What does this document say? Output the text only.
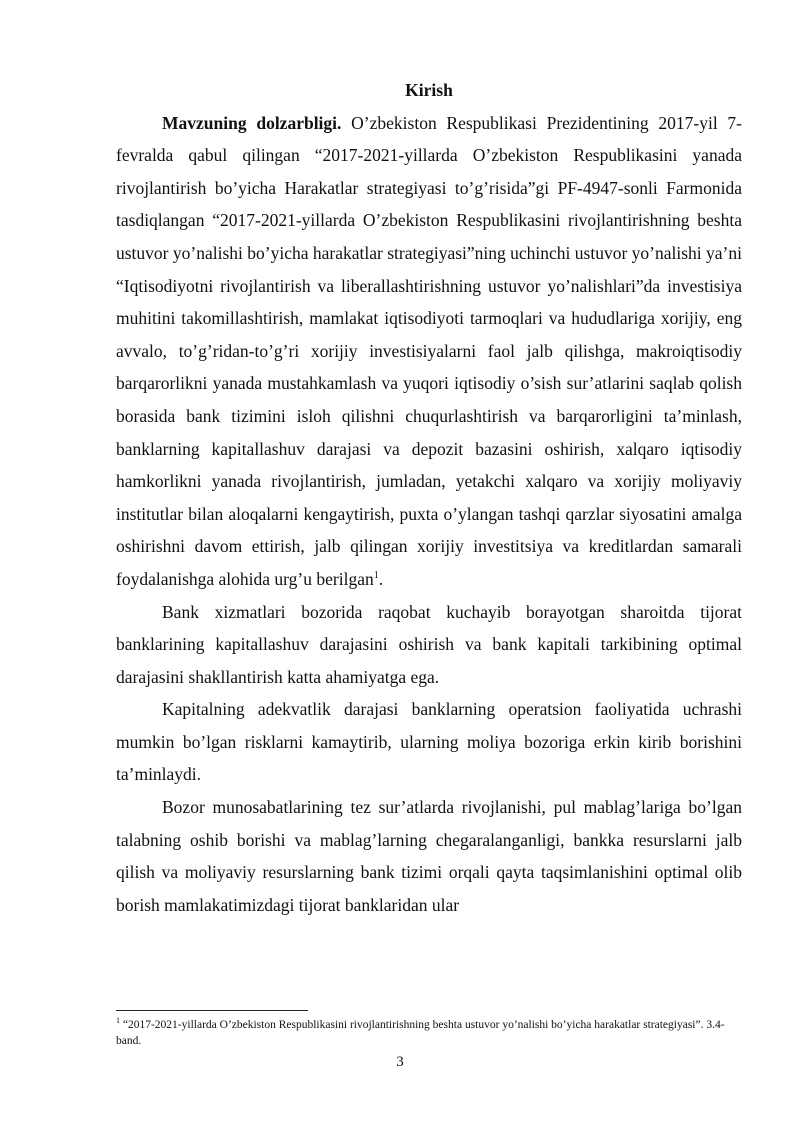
Kirish

Mavzuning dolzarbligi. O’zbekiston Respublikasi Prezidentining 2017-yil 7-fevralda qabul qilingan “2017-2021-yillarda O’zbekiston Respublikasini yanada rivojlantirish bo’yicha Harakatlar strategiyasi to’g’risida”gi PF-4947-sonli Farmonida tasdiqlangan “2017-2021-yillarda O’zbekiston Respublikasini rivojlantirishning beshta ustuvor yo’nalishi bo’yicha harakatlar strategiyasi”ning uchinchi ustuvor yo’nalishi ya’ni “Iqtisodiyotni rivojlantirish va liberallashtirishning ustuvor yo’nalishlari”da investisiya muhitini takomillashtirish, mamlakat iqtisodiyoti tarmoqlari va hududlariga xorijiy, eng avvalo, to’g’ridan-to’g’ri xorijiy investisiyalarni faol jalb qilishga, makroiqtisodiy barqarorlikni yanada mustahkamlash va yuqori iqtisodiy o’sish sur’atlarini saqlab qolish borasida bank tizimini isloh qilishni chuqurlashtirish va barqarorligini ta’minlash, banklarning kapitallashuv darajasi va depozit bazasini oshirish, xalqaro iqtisodiy hamkorlikni yanada rivojlantirish, jumladan, yetakchi xalqaro va xorijiy moliyaviy institutlar bilan aloqalarni kengaytirish, puxta o’ylangan tashqi qarzlar siyosatini amalga oshirishni davom ettirish, jalb qilingan xorijiy investitsiya va kreditlardan samarali foydalanishga alohida urg’u berilgan$^1$.

Bank xizmatlari bozorida raqobat kuchayib borayotgan sharoitda tijorat banklarining kapitallashuv darajasini oshirish va bank kapitali tarkibining optimal darajasini shakllantirish katta ahamiyatga ega.

Kapitalning adekvatlik darajasi banklarning operatsion faoliyatida uchrashi mumkin bo’lgan risklarni kamaytirib, ularning moliya bozoriga erkin kirib borishini ta’minlaydi.

Bozor munosabatlarining tez sur’atlarda rivojlanishi, pul mablag’lariga bo’lgan talabning oshib borishi va mablag’larning chegaralanganligi, bankka resurslarni jalb qilish va moliyaviy resurslarning bank tizimi orqali qayta taqsimlanishini optimal olib borish mamlakatimizdagi tijorat banklaridan ular

$^1$ “2017-2021-yillarda O’zbekiston Respublikasini rivojlantirishning beshta ustuvor yo’nalishi bo’yicha harakatlar strategiyasi”. 3.4-band.

3
